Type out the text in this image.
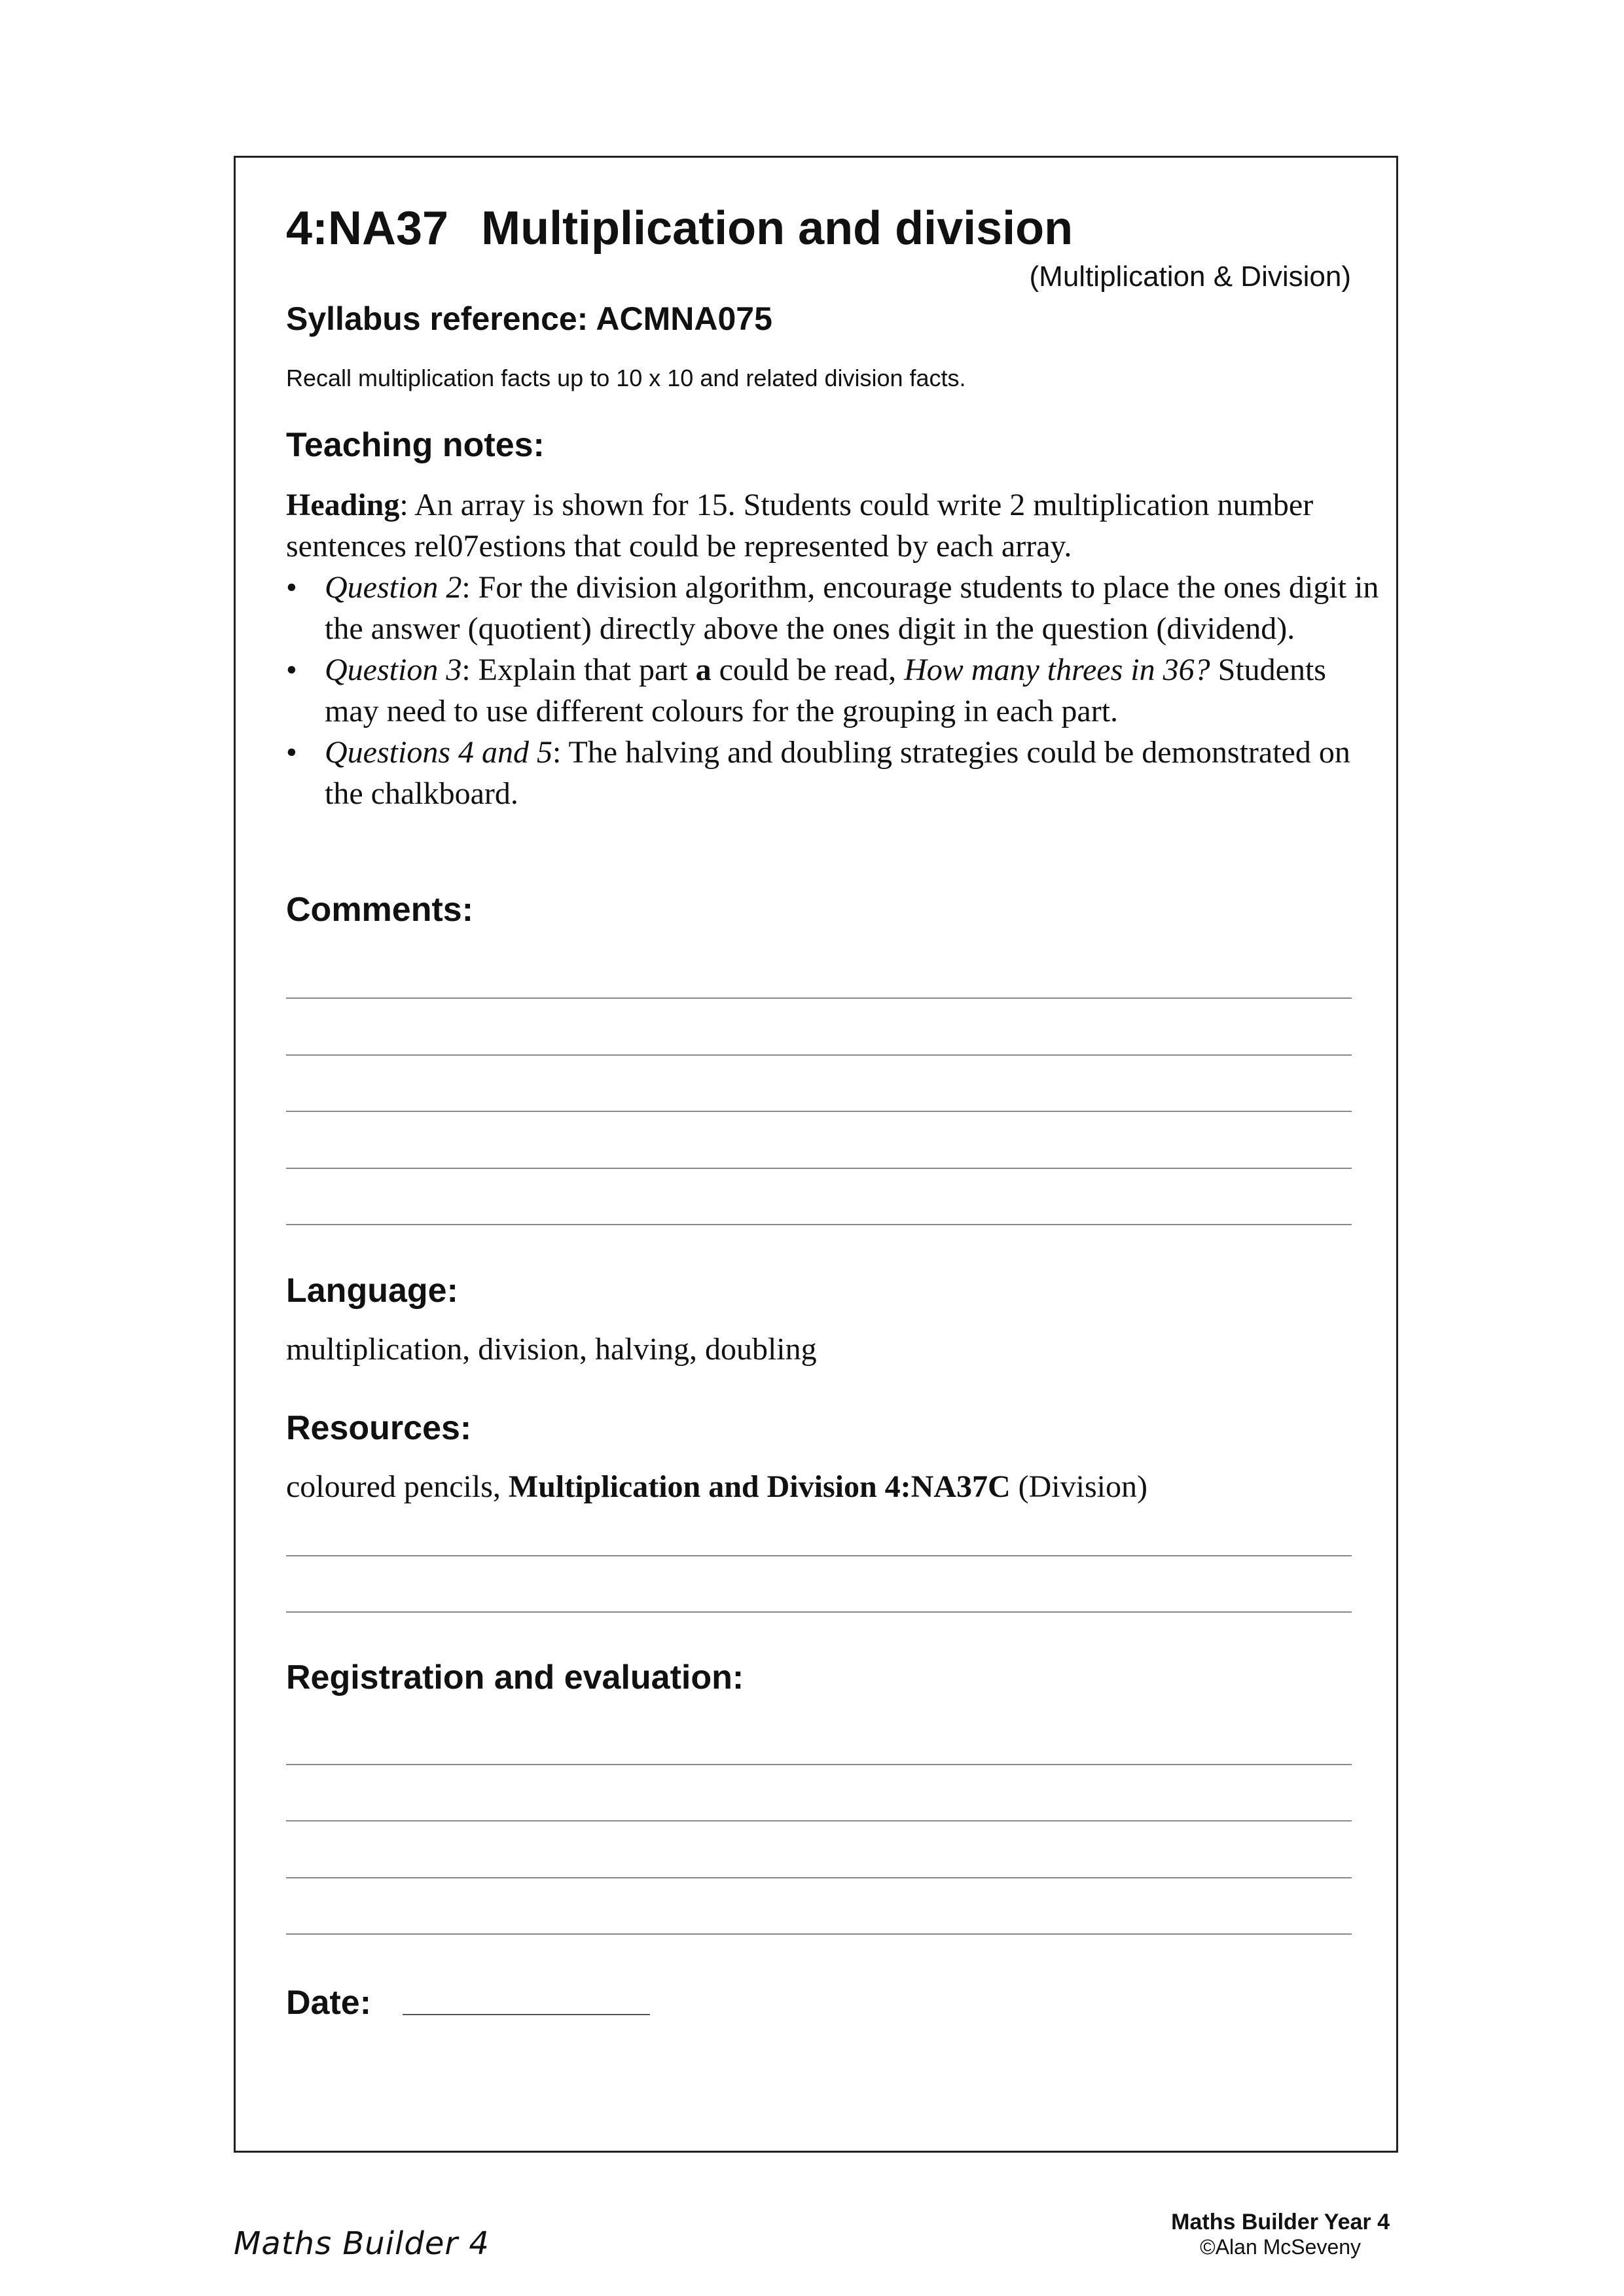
4:NA37 Multiplication and division
(Multiplication & Division)
Syllabus reference: ACMNA075
Recall multiplication facts up to 10 x 10 and related division facts.
Teaching notes:
Heading: An array is shown for 15. Students could write 2 multiplication number sentences rel07estions that could be represented by each array.
• Question 2: For the division algorithm, encourage students to place the ones digit in the answer (quotient) directly above the ones digit in the question (dividend).
• Question 3: Explain that part a could be read, How many threes in 36? Students may need to use different colours for the grouping in each part.
• Questions 4 and 5: The halving and doubling strategies could be demonstrated on the chalkboard.
Comments:
Language:
multiplication, division, halving, doubling
Resources:
coloured pencils, Multiplication and Division 4:NA37C (Division)
Registration and evaluation:
Date:
Maths Builder 4
Maths Builder Year 4
©Alan McSeveny
